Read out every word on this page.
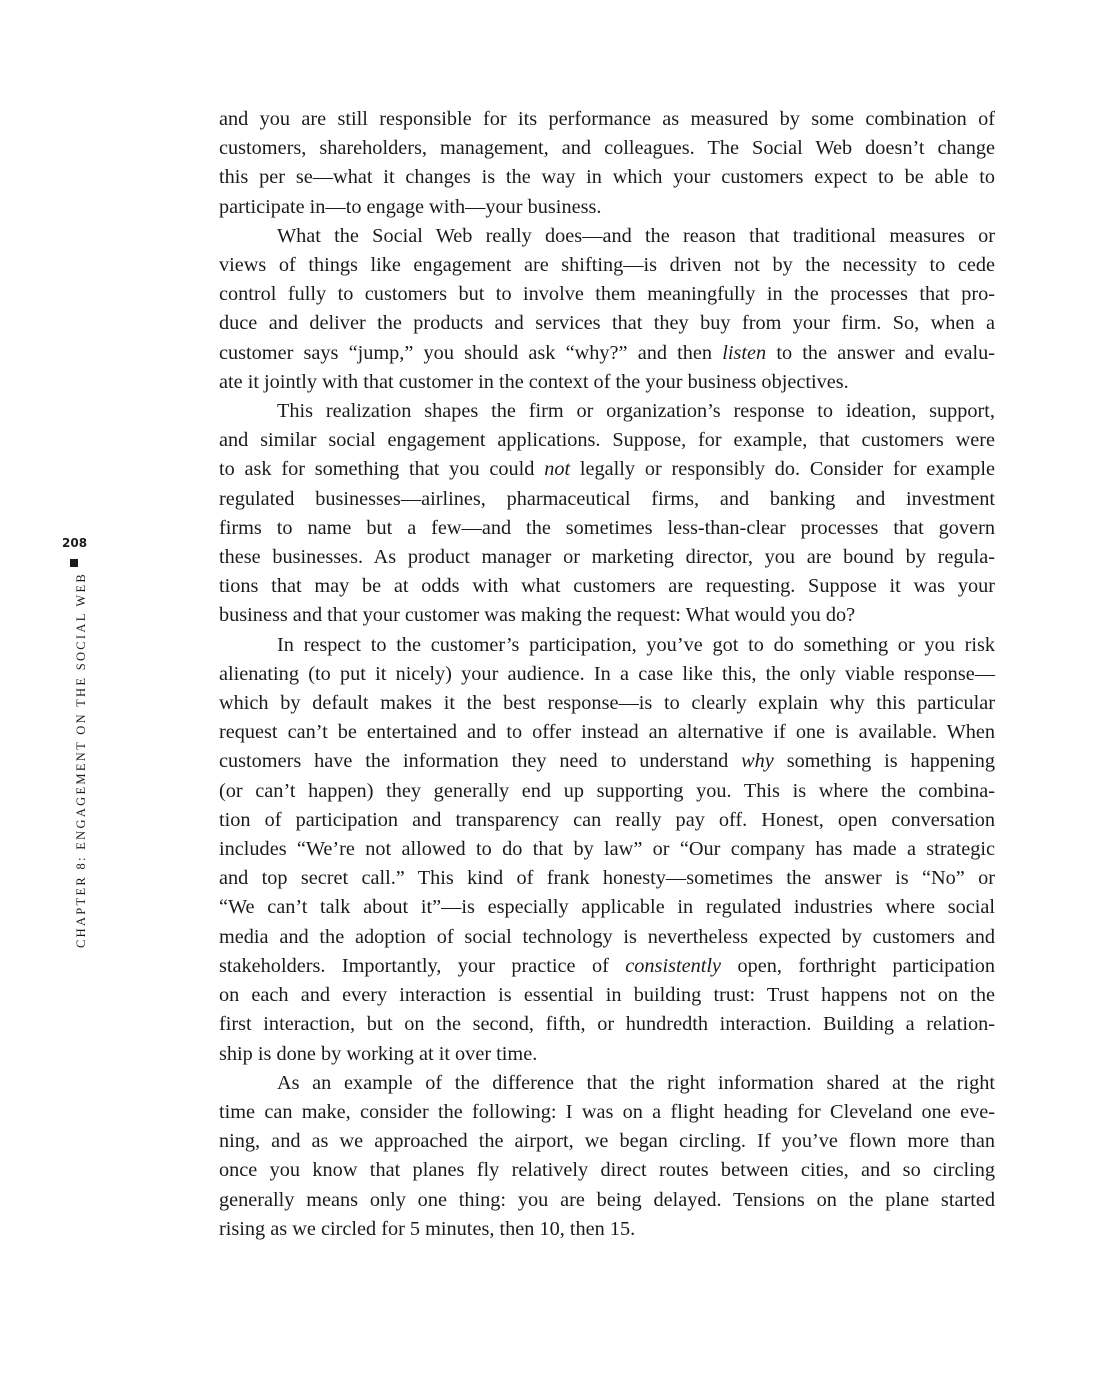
208
CHAPTER 8: ENGAGEMENT ON THE SOCIAL WEB
and you are still responsible for its performance as measured by some combination of
customers, shareholders, management, and colleagues. The Social Web doesn’t change
this per se—what it changes is the way in which your customers expect to be able to
participate in—to engage with—your business.
What the Social Web really does—and the reason that traditional measures or
views of things like engagement are shifting—is driven not by the necessity to cede
control fully to customers but to involve them meaningfully in the processes that pro-
duce and deliver the products and services that they buy from your firm. So, when a
customer says “jump,” you should ask “why?” and then listen to the answer and evalu-
ate it jointly with that customer in the context of the your business objectives.
This realization shapes the firm or organization’s response to ideation, support,
and similar social engagement applications. Suppose, for example, that customers were
to ask for something that you could not legally or responsibly do. Consider for example
regulated businesses—airlines, pharmaceutical firms, and banking and investment
firms to name but a few—and the sometimes less-than-clear processes that govern
these businesses. As product manager or marketing director, you are bound by regula-
tions that may be at odds with what customers are requesting. Suppose it was your
business and that your customer was making the request: What would you do?
In respect to the customer’s participation, you’ve got to do something or you risk
alienating (to put it nicely) your audience. In a case like this, the only viable response—
which by default makes it the best response—is to clearly explain why this particular
request can’t be entertained and to offer instead an alternative if one is available. When
customers have the information they need to understand why something is happening
(or can’t happen) they generally end up supporting you. This is where the combina-
tion of participation and transparency can really pay off. Honest, open conversation
includes “We’re not allowed to do that by law” or “Our company has made a strategic
and top secret call.” This kind of frank honesty—sometimes the answer is “No” or
“We can’t talk about it”—is especially applicable in regulated industries where social
media and the adoption of social technology is nevertheless expected by customers and
stakeholders. Importantly, your practice of consistently open, forthright participation
on each and every interaction is essential in building trust: Trust happens not on the
first interaction, but on the second, fifth, or hundredth interaction. Building a relation-
ship is done by working at it over time.
As an example of the difference that the right information shared at the right
time can make, consider the following: I was on a flight heading for Cleveland one eve-
ning, and as we approached the airport, we began circling. If you’ve flown more than
once you know that planes fly relatively direct routes between cities, and so circling
generally means only one thing: you are being delayed. Tensions on the plane started
rising as we circled for 5 minutes, then 10, then 15.
